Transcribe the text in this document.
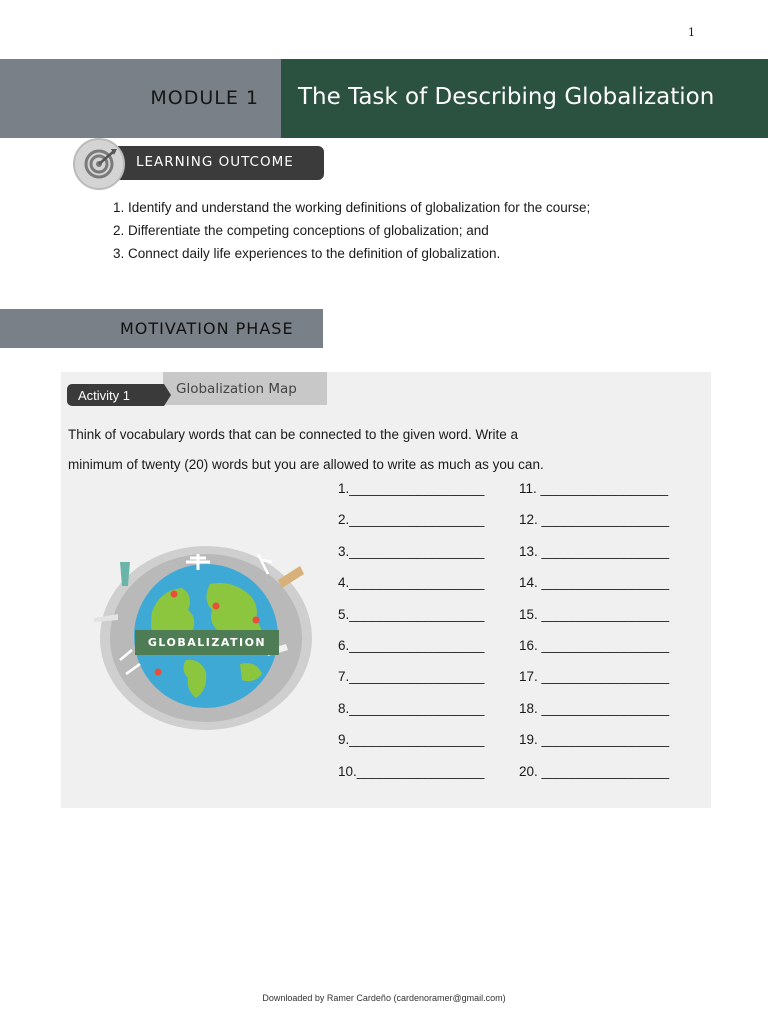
1
MODULE 1 The Task of Describing Globalization
LEARNING OUTCOME
1. Identify and understand the working definitions of globalization for the course;
2. Differentiate the competing conceptions of globalization; and
3. Connect daily life experiences to the definition of globalization.
MOTIVATION PHASE
Globalization Map
Activity 1
Think of vocabulary words that can be connected to the given word. Write a
minimum of twenty (20) words but you are allowed to write as much as you can.
1.__________________
2.__________________
3.__________________
4.__________________
5.__________________
6.__________________
7.__________________
8.__________________
9.__________________
10._________________
11. _________________
12. _________________
13. _________________
14. _________________
15. _________________
16. _________________
17. _________________
18. _________________
19. _________________
20. _________________
GLOBALIZATION
Downloaded by Ramer Cardeño (cardenoramer@gmail.com)
